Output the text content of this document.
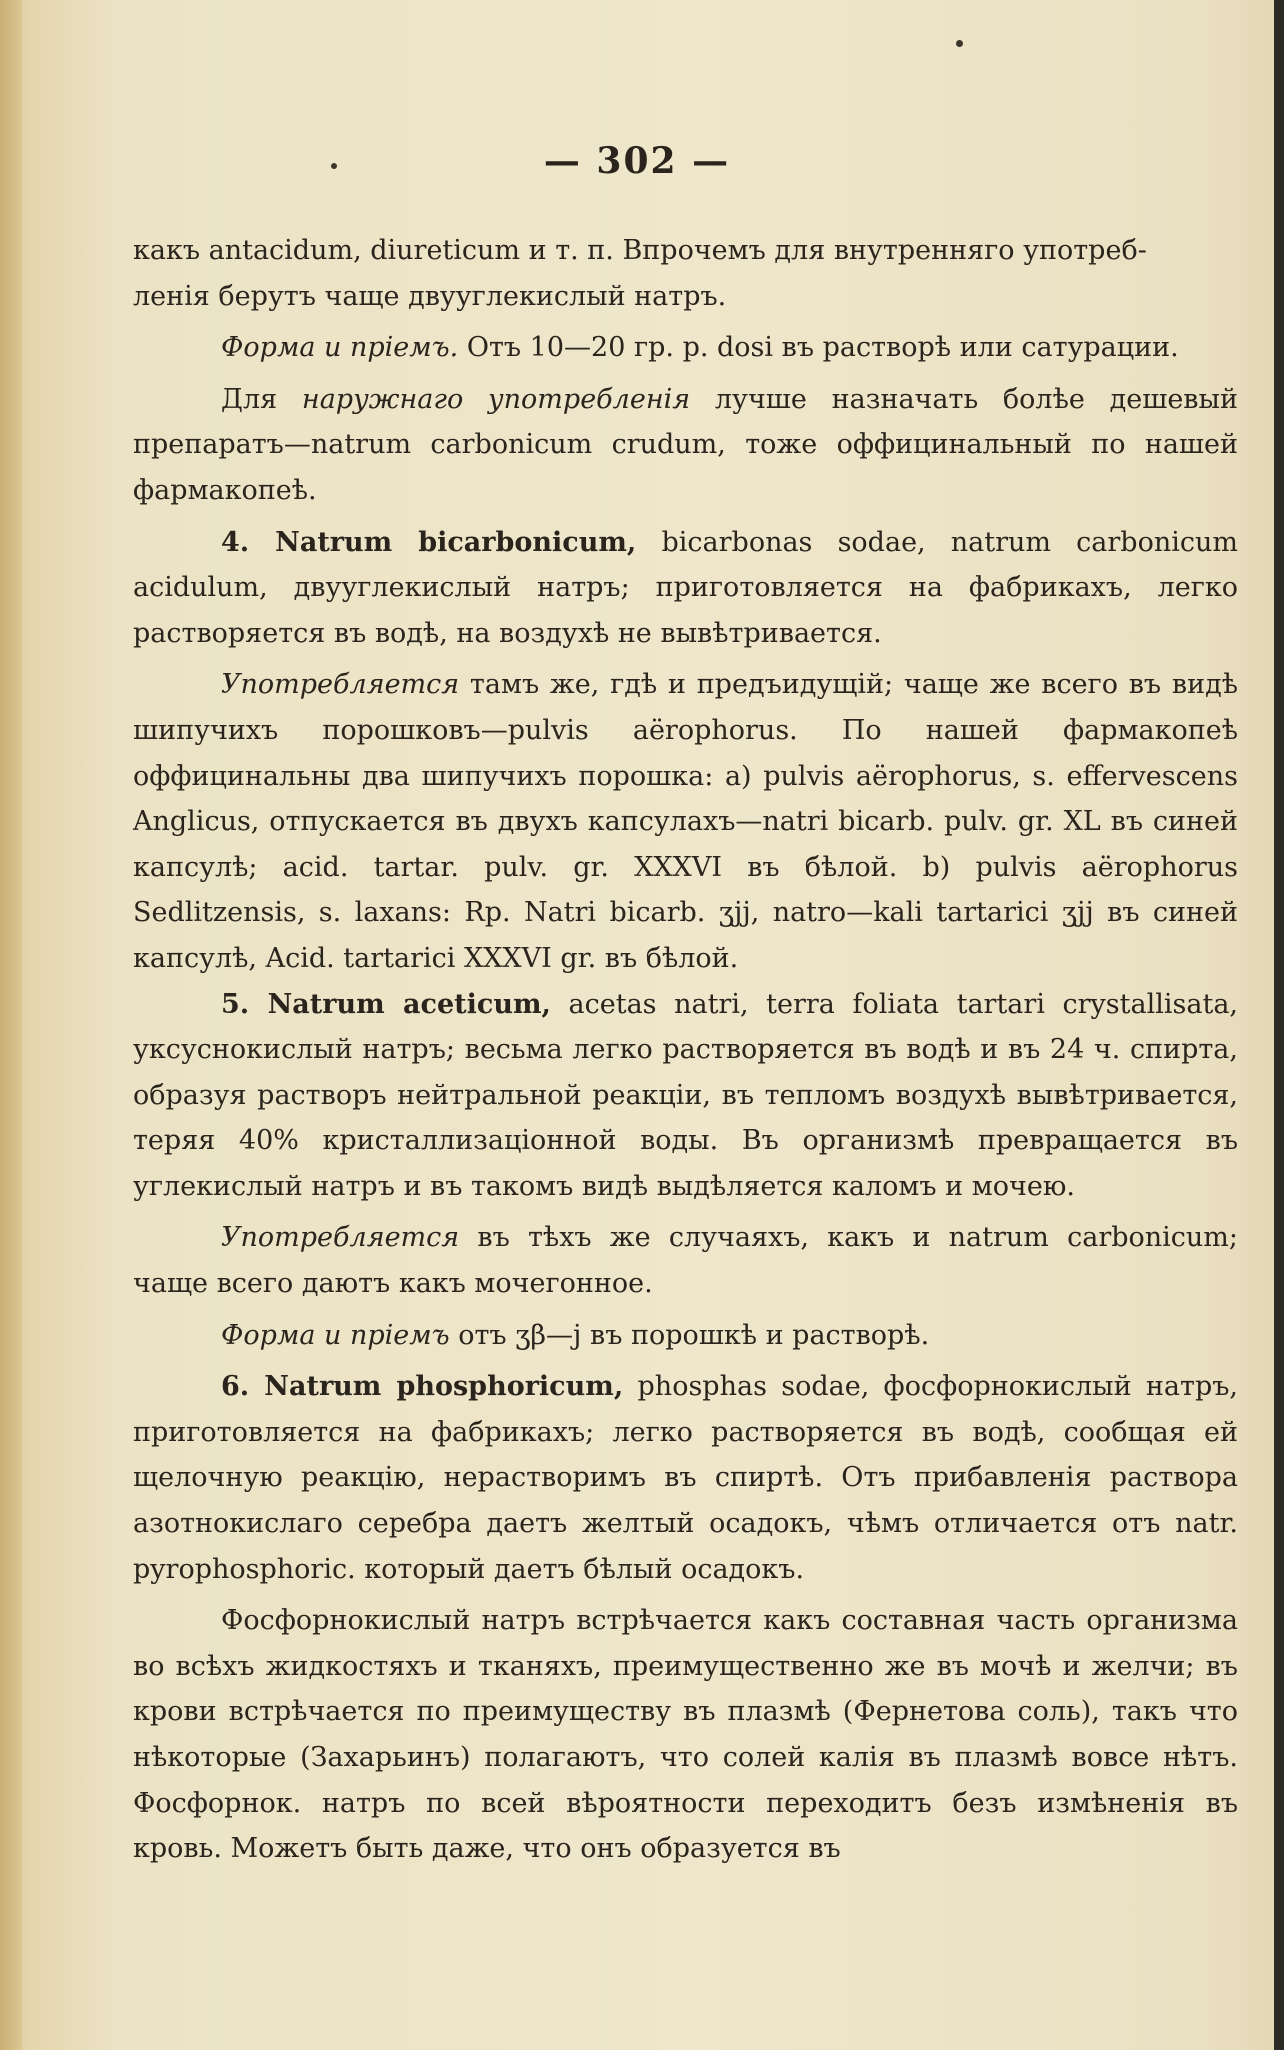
— 302 —

какъ antacidum, diureticum и т. п. Впрочемъ для внутренняго употреб-
ленія берутъ чаще двууглекислый натръ.

Форма и пріемъ. Отъ 10—20 гр. p. dosi въ растворѣ или сатурации.

Для наружнаго употребленія лучше назначать болѣе дешевый препаратъ—natrum carbonicum crudum, тоже оффицинальный по нашей фармакопеѣ.

4. Natrum bicarbonicum, bicarbonas sodae, natrum carbonicum acidulum, двууглекислый натръ; приготовляется на фабрикахъ, легко растворяется въ водѣ, на воздухѣ не вывѣтривается.

Употребляется тамъ же, гдѣ и предъидущій; чаще же всего въ видѣ шипучихъ порошковъ—pulvis aërophorus. По нашей фармакопеѣ оффицинальны два шипучихъ порошка: a) pulvis aërophorus, s. effervescens Anglicus, отпускается въ двухъ капсулахъ—natri bicarb. pulv. gr. XL въ синей капсулѣ; acid. tartar. pulv. gr. XXXVI въ бѣлой. b) pulvis aërophorus Sedlitzensis, s. laxans: Rp. Natri bicarb. ʒjj, natro—kali tartarici ʒjj въ синей капсулѣ, Acid. tartarici XXXVI gr. въ бѣлой.

5. Natrum aceticum, acetas natri, terra foliata tartari crystallisata, уксуснокислый натръ; весьма легко растворяется въ водѣ и въ 24 ч. спирта, образуя растворъ нейтральной реакціи, въ тепломъ воздухѣ вывѣтривается, теряя 40% кристаллизаціонной воды. Въ организмѣ превращается въ углекислый натръ и въ такомъ видѣ выдѣляется каломъ и мочею.

Употребляется въ тѣхъ же случаяхъ, какъ и natrum carbonicum; чаще всего даютъ какъ мочегонное.

Форма и пріемъ отъ ʒβ—j въ порошкѣ и растворѣ.

6. Natrum phosphoricum, phosphas sodae, фосфорнокислый натръ, приготовляется на фабрикахъ; легко растворяется въ водѣ, сообщая ей щелочную реакцію, нерастворимъ въ спиртѣ. Отъ прибавленія раствора азотнокислаго серебра даетъ желтый осадокъ, чѣмъ отличается отъ natr. pyrophosphoric. который даетъ бѣлый осадокъ.

Фосфорнокислый натръ встрѣчается какъ составная часть организма во всѣхъ жидкостяхъ и тканяхъ, преимущественно же въ мочѣ и желчи; въ крови встрѣчается по преимуществу въ плазмѣ (Фернетова соль), такъ что нѣкоторые (Захарьинъ) полагаютъ, что солей калія въ плазмѣ вовсе нѣтъ. Фосфорнок. натръ по всей вѣроятности переходитъ безъ измѣненія въ кровь. Можетъ быть даже, что онъ образуется въ
